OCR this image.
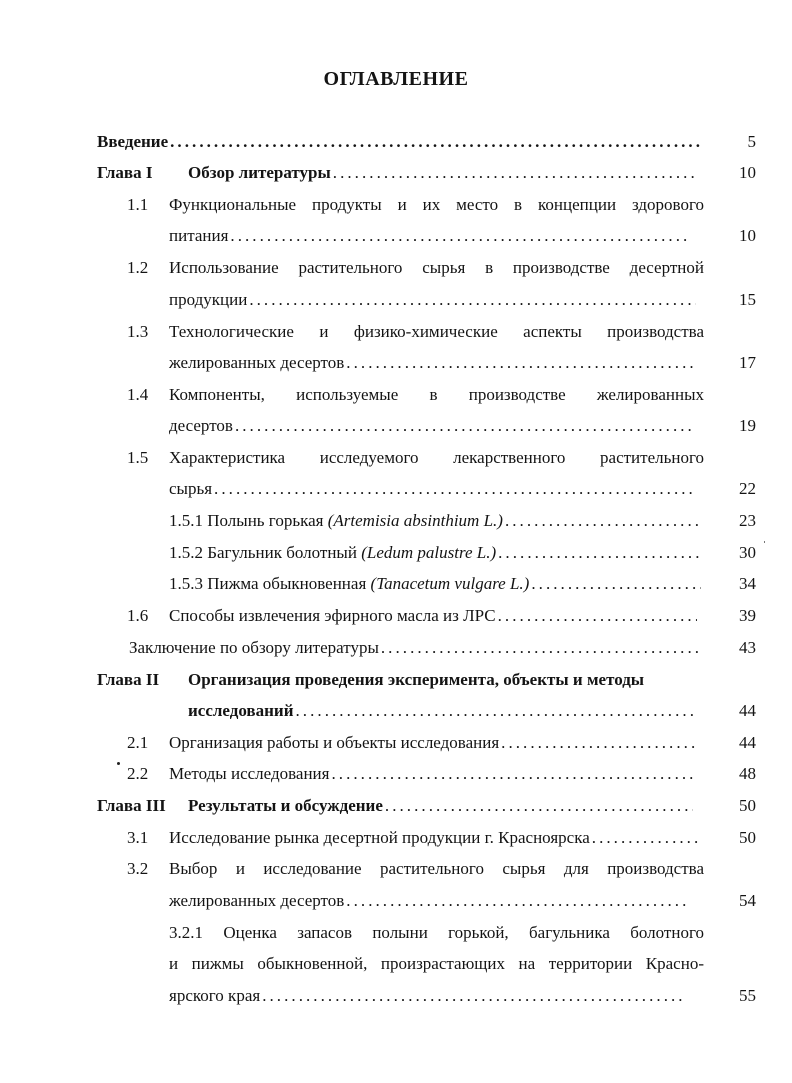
ОГЛАВЛЕНИЕ
Введение . . .	5
Глава I Обзор литературы . . .	10
1.1 Функциональные продукты и их место в концепции здорового
питания . . .	10
1.2 Использование растительного сырья в производстве десертной
продукции . . .	15
1.3 Технологические и физико-химические аспекты производства
желированных десертов . . .	17
1.4 Компоненты, используемые в производстве желированных
десертов . . .	19
1.5 Характеристика исследуемого лекарственного растительного
сырья . . .	22
1.5.1 Полынь горькая
(Artemisia absinthium L.) . . .	23
1.5.2 Багульник болотный
(Ledum palustre L.) . . .	30
1.5.3 Пижма обыкновенная
(Tanacetum vulgare L.) . . .	34
1.6 Способы извлечения эфирного масла из ЛРС . . .	39
Заключение по обзору литературы . . .	43
Глава II Организация проведения эксперимента, объекты и методы
исследований . . .	44
2.1 Организация работы и объекты исследования . . .	44
2.2 Методы исследования . . .	48
Глава III Результаты и обсуждение . . .	50
3.1 Исследование рынка десертной продукции г. Красноярска . . .	50
3.2 Выбор и исследование растительного сырья для производства
желированных десертов . . .	54
3.2.1 Оценка запасов полыни горькой, багульника болотного
и пижмы обыкновенной, произрастающих на территории Красно-
ярского края . . .	55
